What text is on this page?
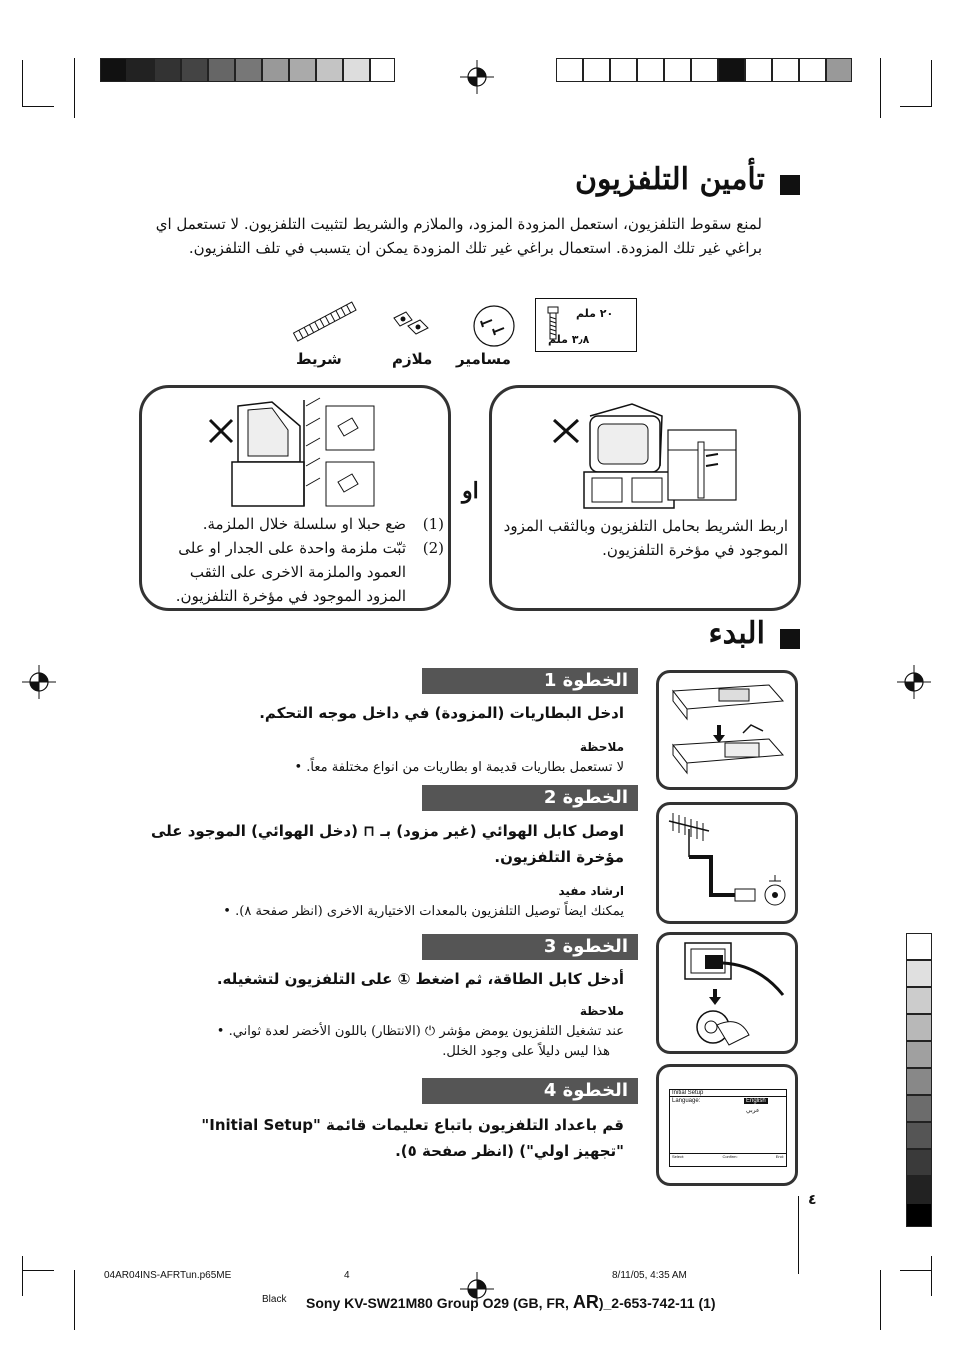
تأمين التلفزيون
لمنع سقوط التلفزيون، استعمل المزودة المزود، والملازم والشريط لتثبيت التلفزيون. لا تستعمل اي
براغي غير تلك المزودة. استعمال براغي غير تلك المزودة يمكن ان يتسبب في تلف التلفزيون.
٢٠ ملم
٣٫٨ ملم
شريط	ملازم مسامير
اربط الشريط بحامل التلفزيون وبالثقب المزود
الموجود في مؤخرة التلفزيون.
او
(1)
ضع حبلا او سلسلة خلال الملزمة.
(2)
ثبّت ملزمة واحدة على الجدار او على
العمود والملزمة الاخرى على الثقب
المزود الموجود في مؤخرة التلفزيون.
البدء
الخطوة 1
ادخل البطاريات (المزودة) في داخل موجه التحكم.
ملاحظة
لا تستعمل بطاريات قديمة او بطاريات من انواع مختلفة معاً. •
الخطوة 2
اوصل كابل الهوائي (غير مزود) بـ ⊓ (دخل الهوائي) الموجود على
مؤخرة التلفزيون.
ارشاد مفيد
يمكنك ايضاً توصيل التلفزيون بالمعدات الاختيارية الاخرى (انظر صفحة ٨). •
الخطوة 3
أدخل كابل الطاقة، ثم اضغط ① على التلفزيون لتشغيله.
ملاحظة
عند تشغيل التلفزيون يومض مؤشر ⏻ (الانتظار) باللون الأخضر لعدة ثواني. •
هذا ليس دليلاً على وجود الخلل.
الخطوة 4
قم باعداد التلفزيون باتباع تعليمات قائمة "Initial Setup"
"تجهيز اولي") (انظر صفحة ٥).
Initial Setup
Language:	English
عربي
Select:	Confirm:	End:
٤
04AR04INS-AFRTun.p65ME	4	8/11/05, 4:35 AM
Black Sony KV-SW21M80 Group O29 (GB, FR, AR)_2-653-742-11 (1)
